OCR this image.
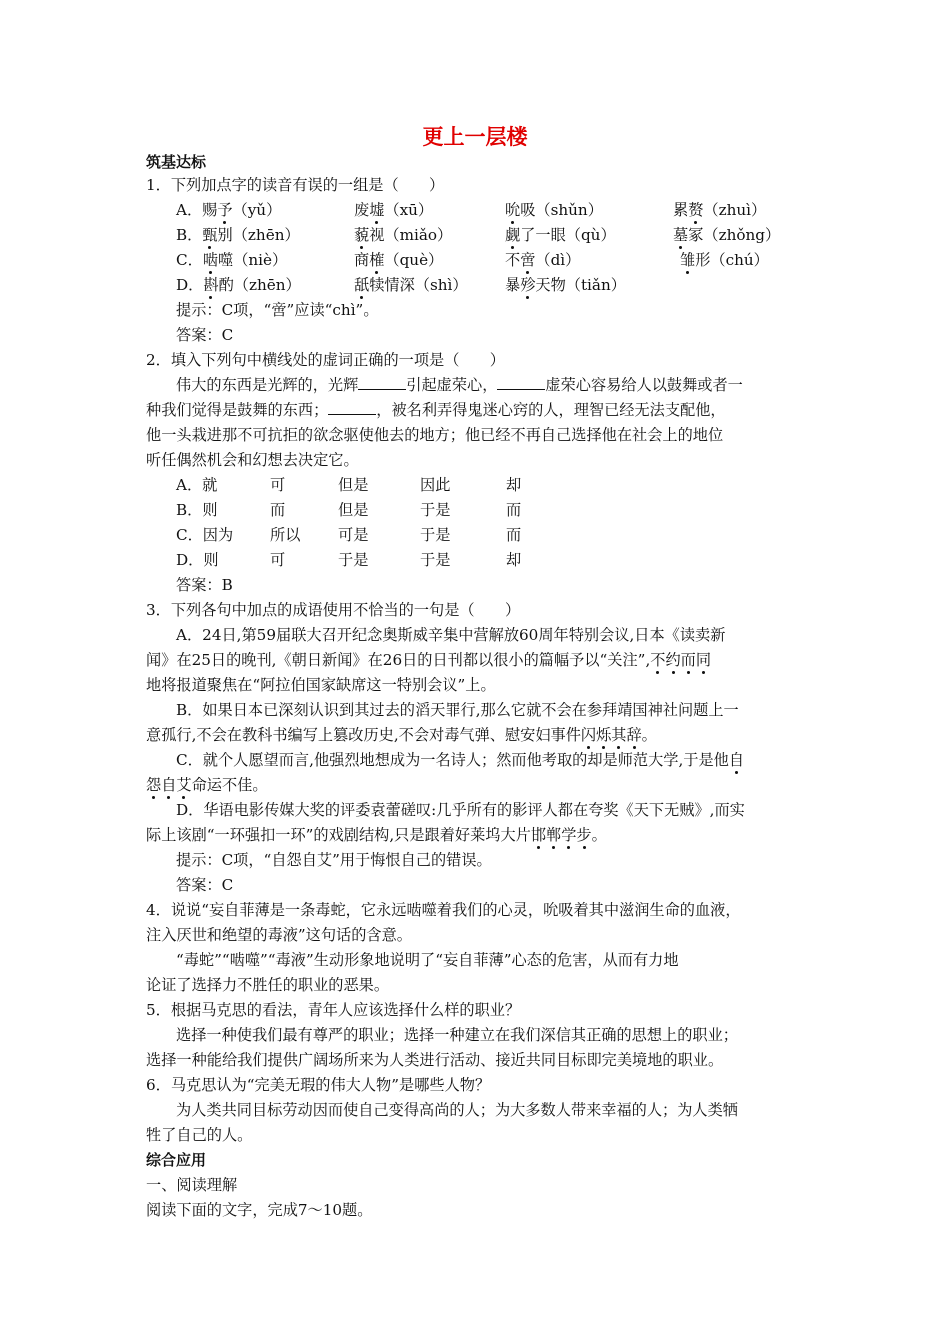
更上一层楼
筑基达标
1．下列加点字的读音有误的一组是（　　）
A．赐予（yǔ）	废墟（xū）	吮吸（shǔn）	累赘（zhuì）
B．甄别（zhēn）	藐视（miǎo）	觑了一眼（qù）	墓冢（zhǒng）
C．啮噬（niè）	商榷（què）	不啻（dì）	雏形（chú）
D．斟酌（zhēn）	舐犊情深（shì） 暴殄天物（tiǎn）
提示：C项，“啻”应读“chì”。
答案：C
2．填入下列句中横线处的虚词正确的一项是（　　）
伟大的东西是光辉的，光辉	引起虚荣心，	虚荣心容易给人以鼓舞或者一
种我们觉得是鼓舞的东西；	，被名利弄得鬼迷心窍的人，理智已经无法支配他，
他一头栽进那不可抗拒的欲念驱使他去的地方；他已经不再自己选择他在社会上的地位
听任偶然机会和幻想去决定它。
A．就	可	但是	因此	却
B．则	而	但是	于是	而
C．因为 所以 可是	于是	而
D．则	可	于是	于是	却
答案：B
3．下列各句中加点的成语使用不恰当的一句是（　　）
A．24日,第59届联大召开纪念奥斯威辛集中营解放60周年特别会议,日本《读卖新
闻》在25日的晚刊,《朝日新闻》在26日的日刊都以很小的篇幅予以“关注”,不约而同
地将报道聚焦在“阿拉伯国家缺席这一特别会议”上。
B．如果日本已深刻认识到其过去的滔天罪行,那么它就不会在参拜靖国神社问题上一
意孤行,不会在教科书编写上篡改历史,不会对毒气弹、慰安妇事件闪烁其辞。
C．就个人愿望而言,他强烈地想成为一名诗人；然而他考取的却是师范大学,于是他自
怨自艾命运不佳。
D．华语电影传媒大奖的评委袁蕾磋叹:几乎所有的影评人都在夸奖《天下无贼》,而实
际上该剧“一环强扣一环”的戏剧结构,只是跟着好莱坞大片邯郸学步。
提示：C项，“自怨自艾”用于悔恨自己的错误。
答案：C
4．说说“妄自菲薄是一条毒蛇，它永远啮噬着我们的心灵，吮吸着其中滋润生命的血液，
注入厌世和绝望的毒液”这句话的含意。
“毒蛇”“啮噬”“毒液”生动形象地说明了“妄自菲薄”心态的危害，从而有力地
论证了选择力不胜任的职业的恶果。
5．根据马克思的看法，青年人应该选择什么样的职业？
选择一种使我们最有尊严的职业；选择一种建立在我们深信其正确的思想上的职业；
选择一种能给我们提供广阔场所来为人类进行活动、接近共同目标即完美境地的职业。
6．马克思认为“完美无瑕的伟大人物”是哪些人物？
为人类共同目标劳动因而使自己变得高尚的人；为大多数人带来幸福的人；为人类牺
牲了自己的人。
综合应用
一、阅读理解
阅读下面的文字，完成7～10题。
